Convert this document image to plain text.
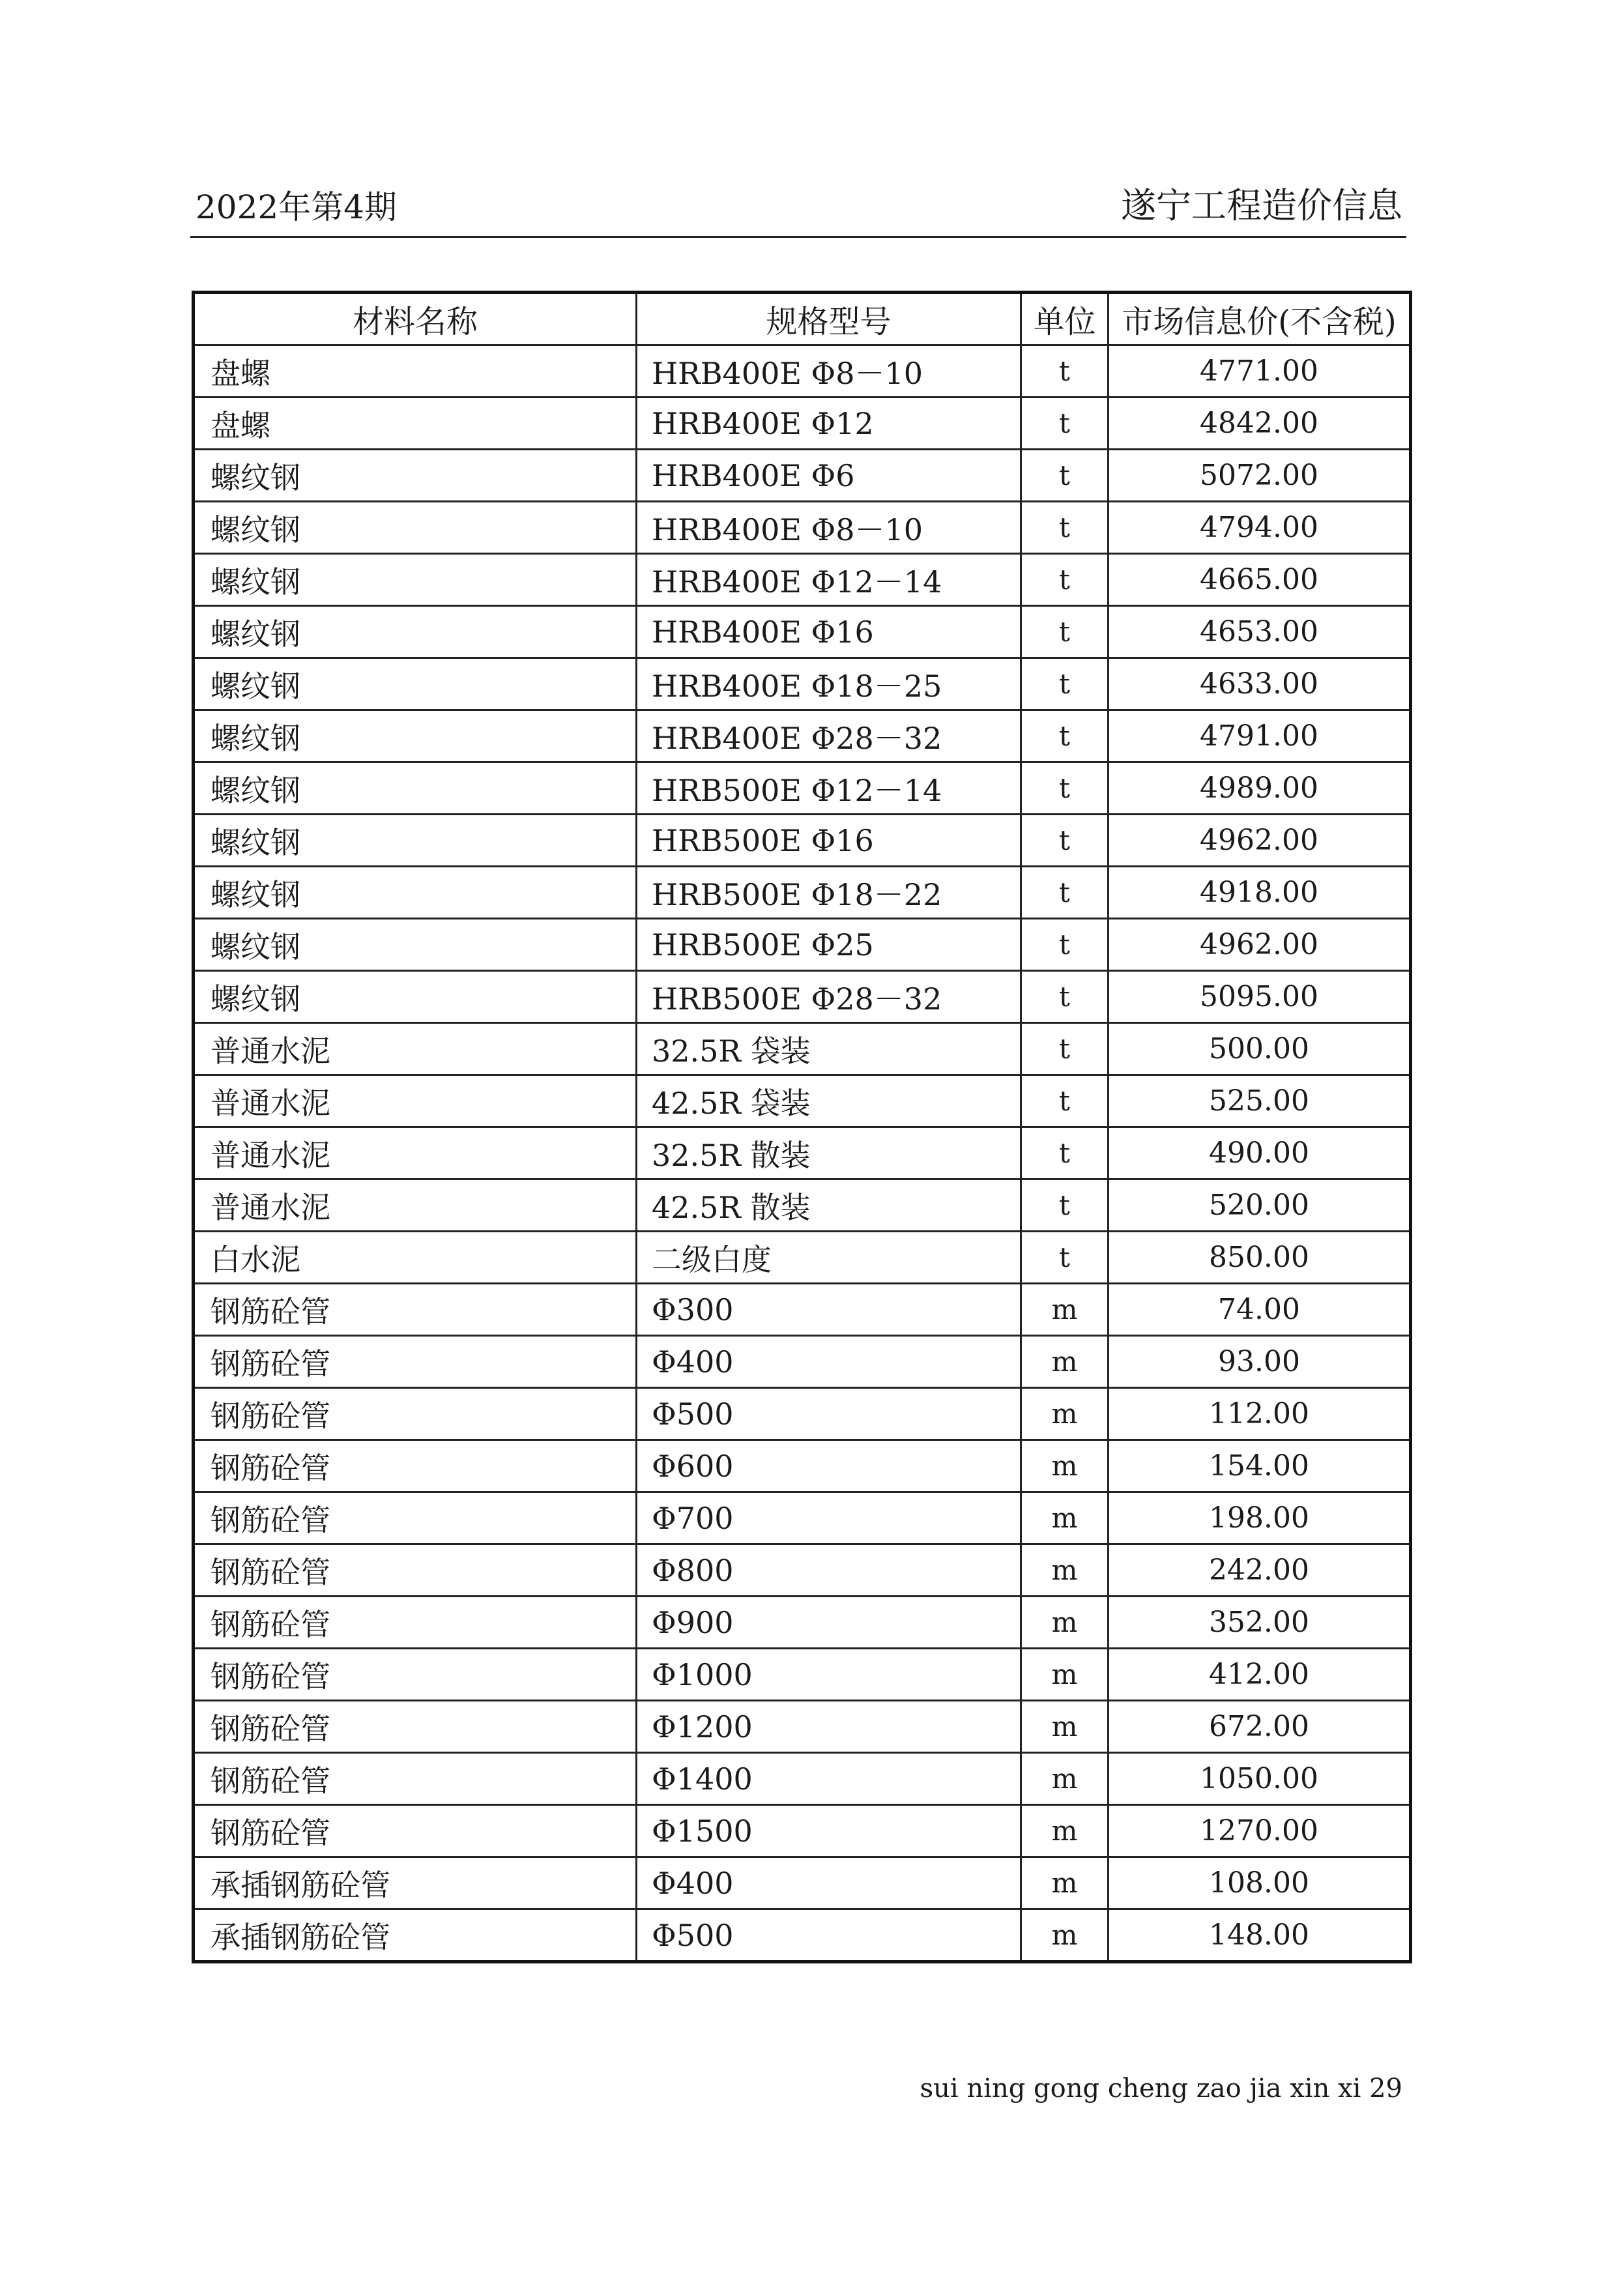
2022年第4期	遂宁工程造价信息
材料名称	规格型号	单位	市场信息价(不含税)
盘螺	HRB400E Φ8－10	t	4771.00
盘螺	HRB400E Φ12	t	4842.00
螺纹钢	HRB400E Φ6	t	5072.00
螺纹钢	HRB400E Φ8－10	t	4794.00
螺纹钢	HRB400E Φ12－14	t	4665.00
螺纹钢	HRB400E Φ16	t	4653.00
螺纹钢	HRB400E Φ18－25	t	4633.00
螺纹钢	HRB400E Φ28－32	t	4791.00
螺纹钢	HRB500E Φ12－14	t	4989.00
螺纹钢	HRB500E Φ16	t	4962.00
螺纹钢	HRB500E Φ18－22	t	4918.00
螺纹钢	HRB500E Φ25	t	4962.00
螺纹钢	HRB500E Φ28－32	t	5095.00
普通水泥	32.5R 袋装	t	500.00
普通水泥	42.5R 袋装	t	525.00
普通水泥	32.5R 散装	t	490.00
普通水泥	42.5R 散装	t	520.00
白水泥	二级白度	t	850.00
钢筋砼管	Φ300	m	74.00
钢筋砼管	Φ400	m	93.00
钢筋砼管	Φ500	m	112.00
钢筋砼管	Φ600	m	154.00
钢筋砼管	Φ700	m	198.00
钢筋砼管	Φ800	m	242.00
钢筋砼管	Φ900	m	352.00
钢筋砼管	Φ1000	m	412.00
钢筋砼管	Φ1200	m	672.00
钢筋砼管	Φ1400	m	1050.00
钢筋砼管	Φ1500	m	1270.00
承插钢筋砼管	Φ400	m	108.00
承插钢筋砼管	Φ500	m	148.00
sui ning gong cheng zao jia xin xi 29
